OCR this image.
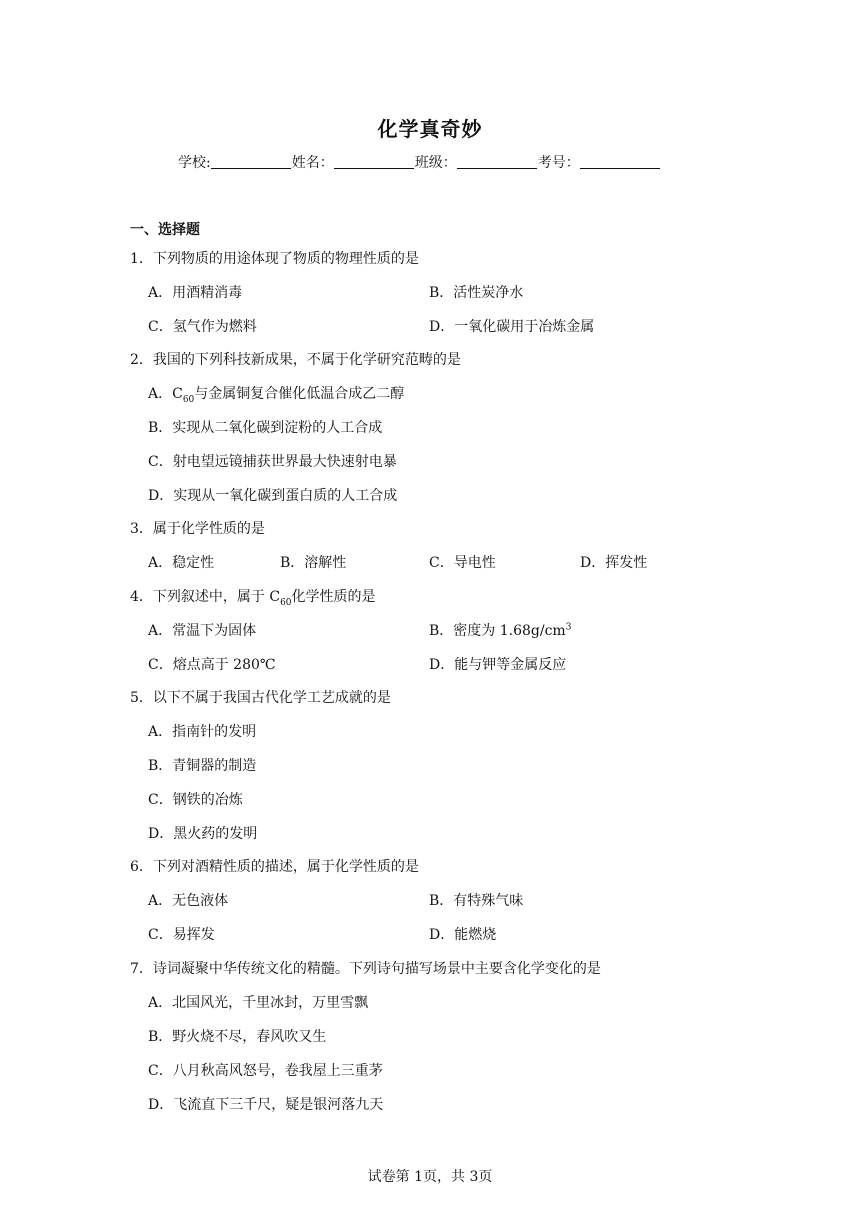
化学真奇妙
学校:	姓名：	班级：	考号：
一、选择题
1．下列物质的用途体现了物质的物理性质的是
A．用酒精消毒	B．活性炭净水
C．氢气作为燃料	D．一氧化碳用于冶炼金属
2．我国的下列科技新成果，不属于化学研究范畴的是
A．$C_{60}$与金属铜复合催化低温合成乙二醇
B．实现从二氧化碳到淀粉的人工合成
C．射电望远镜捕获世界最大快速射电暴
D．实现从一氧化碳到蛋白质的人工合成
3．属于化学性质的是
A．稳定性	B．溶解性	C．导电性	D．挥发性
4．下列叙述中，属于 $C_{60}$化学性质的是
A．常温下为固体	B．密度为 $1.68g/cm^3$
C．熔点高于 280℃	D．能与钾等金属反应
5．以下不属于我国古代化学工艺成就的是
A．指南针的发明
B．青铜器的制造
C．钢铁的冶炼
D．黑火药的发明
6．下列对酒精性质的描述，属于化学性质的是
A．无色液体	B．有特殊气味
C．易挥发	D．能燃烧
7．诗词凝聚中华传统文化的精髓。下列诗句描写场景中主要含化学变化的是
A．北国风光，千里冰封，万里雪飘
B．野火烧不尽，春风吹又生
C．八月秋高风怒号，卷我屋上三重茅
D．飞流直下三千尺，疑是银河落九天
试卷第 1页，共 3页
